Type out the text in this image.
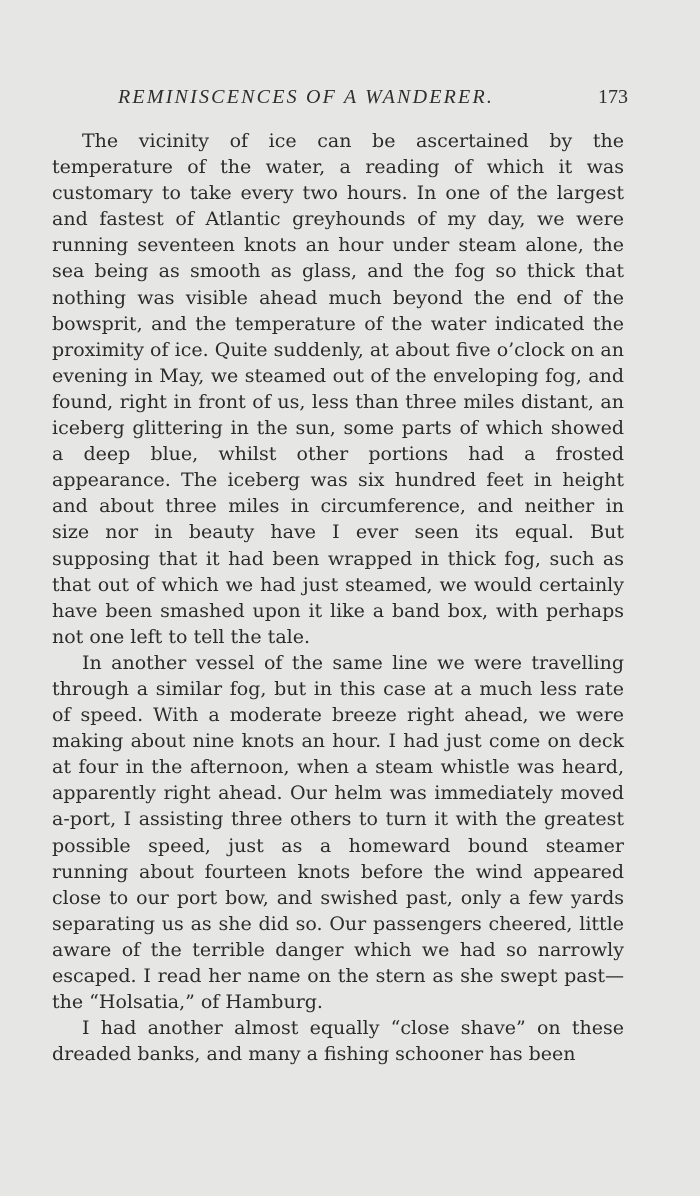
REMINISCENCES OF A WANDERER.	173

The vicinity of ice can be ascertained by the temperature of the water, a reading of which it was customary to take every two hours. In one of the largest and fastest of Atlantic greyhounds of my day, we were running seventeen knots an hour under steam alone, the sea being as smooth as glass, and the fog so thick that nothing was visible ahead much beyond the end of the bowsprit, and the temperature of the water indicated the proximity of ice. Quite suddenly, at about five o’clock on an evening in May, we steamed out of the enveloping fog, and found, right in front of us, less than three miles distant, an iceberg glittering in the sun, some parts of which showed a deep blue, whilst other portions had a frosted appearance. The iceberg was six hundred feet in height and about three miles in circumference, and neither in size nor in beauty have I ever seen its equal. But supposing that it had been wrapped in thick fog, such as that out of which we had just steamed, we would certainly have been smashed upon it like a band box, with perhaps not one left to tell the tale.

In another vessel of the same line we were travelling through a similar fog, but in this case at a much less rate of speed. With a moderate breeze right ahead, we were making about nine knots an hour. I had just come on deck at four in the afternoon, when a steam whistle was heard, apparently right ahead. Our helm was immediately moved a-port, I assisting three others to turn it with the greatest possible speed, just as a homeward bound steamer running about fourteen knots before the wind appeared close to our port bow, and swished past, only a few yards separating us as she did so. Our passengers cheered, little aware of the terrible danger which we had so narrowly escaped. I read her name on the stern as she swept past—the “Holsatia,” of Hamburg.

I had another almost equally “close shave” on these dreaded banks, and many a fishing schooner has been
